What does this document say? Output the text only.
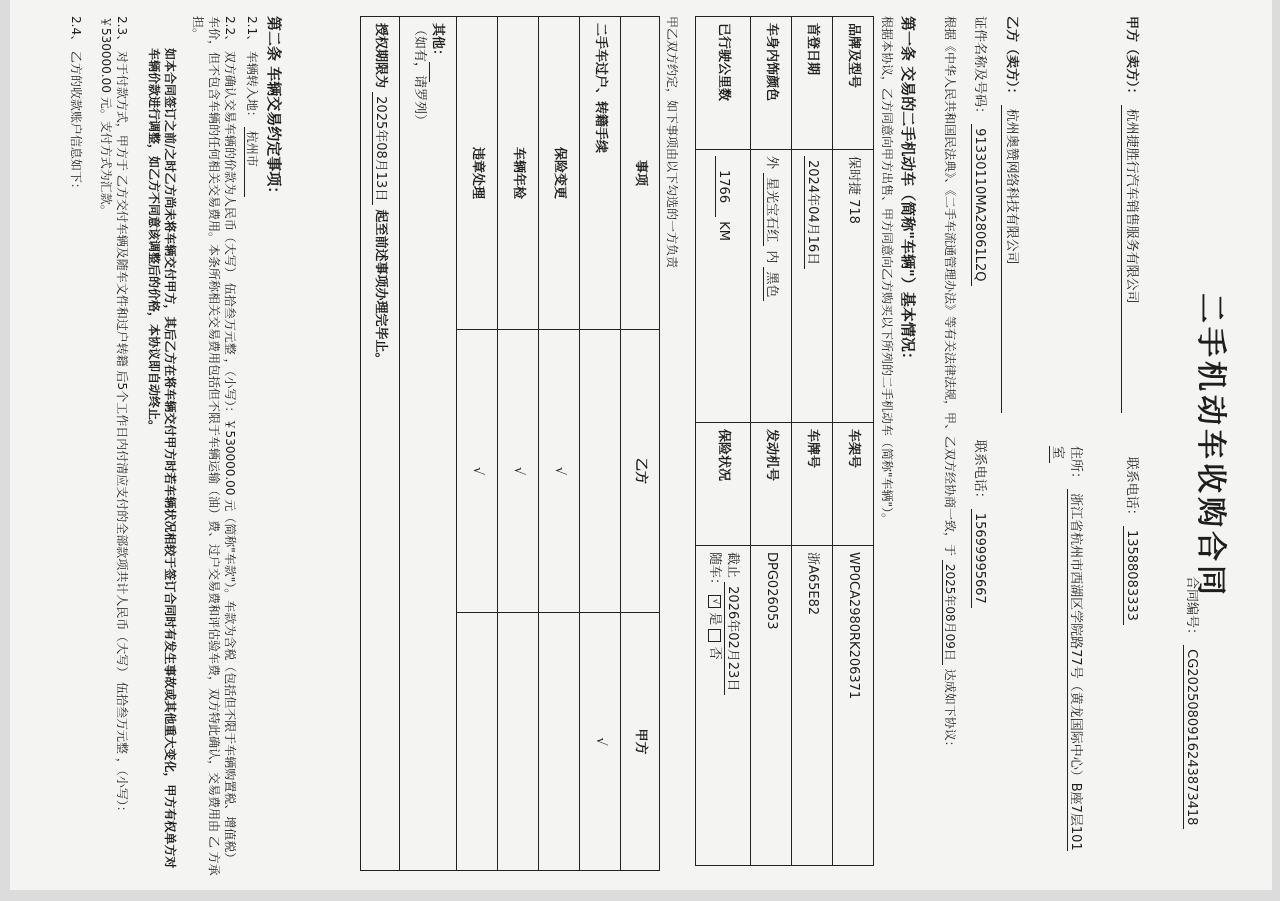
二手机动车收购合同
合同编号： CG2025080916243873418
甲方（卖方）： 杭州捷胜行汽车销售服务有限公司 联系电话： 13588083333
住所： 浙江省杭州市西湖区学院路77号（黄龙国际中心）B座7层101室
乙方（卖方）： 杭州奥赞网络科技有限公司
证件名称及号码： 91330110MA28061L2Q 联系电话： 15699995667
根据《中华人民共和国民法典》、《二手车流通管理办法》等有关法律法规，甲、乙双方经协商一致，于 2025年08月09日 达成如下协议：
第一条 交易的二手机动车（简称"车辆"）基本情况：
根据本协议，乙方同意向甲方出售、甲方同意向乙方购买以下所列的二手机动车（简称"车辆"）。
品牌及型号	保时捷 718	车架号	WP0CA2980RK206371
首登日期	2024年04月16日	车牌号	浙A65E82
车身内饰颜色	外 星光宝石红 内 黑色	发动机号	DPG026053
已行驶公里数	1766 KM	保险状况	截止 2026年02月23日
随车： √ 是  否
甲乙双方约定，如下事项由以下勾选的一方负责
事项	乙方	甲方
二手车过户、转籍手续		√
保险变更	√	
车辆年检	√	
违章处理	√	
其他：
（如有，请罗列）		
授权期限为 2025年08月13日 起至前述事项办理完毕止。		
第二条 车辆交易约定事项：
2.1、 车辆转入地： 杭州市
2.2、 双方确认交易车辆的价款为人民币（大写） 伍拾叁万元整 ，（小写）：￥530000.00 元（简称"车款"）。车款为含税（包括但不限于车辆购置税、增值税）车价，但不包含车辆的任何相关交易费用。本条所称相关交易费用包括但不限于车辆运输（油）费、过户交易费和评估验车费，双方特此确认，交易费用由 乙 方承担。
如本合同签订之前/之时乙方尚未将车辆交付甲方，其后乙方在将车辆交付甲方时若车辆状况相较于签订合同时有发生事故或其他重大变化，甲方有权单方对车辆价款进行调整，如乙方不同意该调整后的价格，本协议即自动终止。
2.3、 对于付款方式，甲方于 乙方交付车辆及随车文件和过户转籍 后5个工作日内付清应支付的全部款项共计人民币（大写） 伍拾叁万元整 ，（小写）：￥530000.00 元。支付方式为汇款。
2.4、 乙方的收款账户信息如下：
